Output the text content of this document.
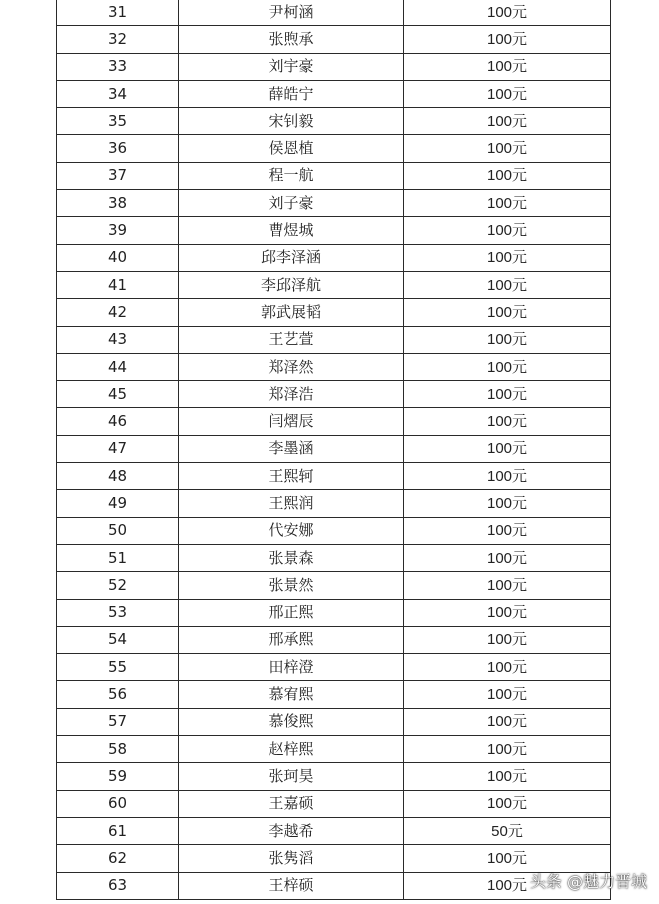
31	尹柯涵	100元
32	张煦承	100元
33	刘宇豪	100元
34	薛皓宁	100元
35	宋钊毅	100元
36	侯恩植	100元
37	程一航	100元
38	刘子豪	100元
39	曹煜城	100元
40	邱李泽涵	100元
41	李邱泽航	100元
42	郭武展韬	100元
43	王艺萱	100元
44	郑泽然	100元
45	郑泽浩	100元
46	闫熠辰	100元
47	李墨涵	100元
48	王熙轲	100元
49	王熙润	100元
50	代安娜	100元
51	张景森	100元
52	张景然	100元
53	邢正熙	100元
54	邢承熙	100元
55	田梓澄	100元
56	慕宥熙	100元
57	慕俊熙	100元
58	赵梓熙	100元
59	张珂昊	100元
60	王嘉硕	100元
61	李越希	50元
62	张隽滔	100元
63	王梓硕	100元 头条 @魅力晋城
